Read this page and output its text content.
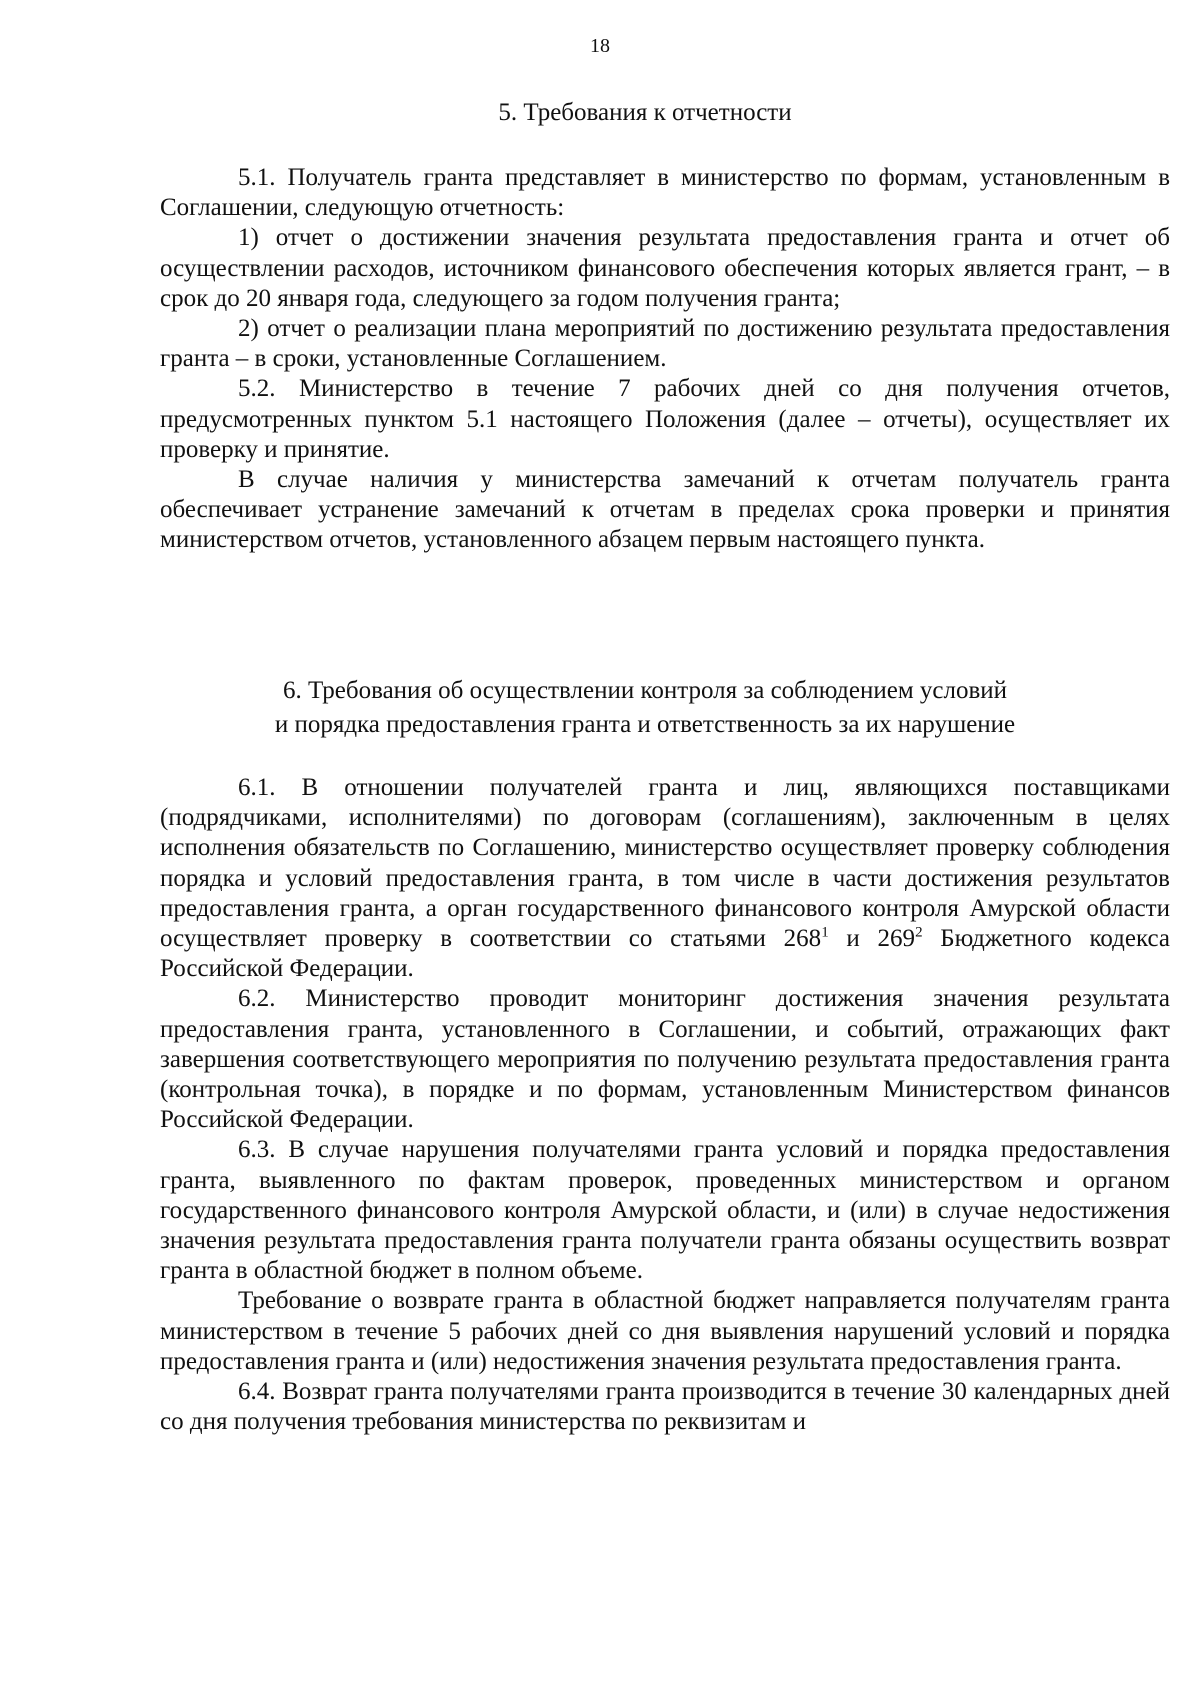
18
5. Требования к отчетности

5.1. Получатель гранта представляет в министерство по формам, установленным в Соглашении, следующую отчетность:

1) отчет о достижении значения результата предоставления гранта и отчет об осуществлении расходов, источником финансового обеспечения которых является грант, – в срок до 20 января года, следующего за годом получения гранта;

2) отчет о реализации плана мероприятий по достижению результата предоставления гранта – в сроки, установленные Соглашением.

5.2. Министерство в течение 7 рабочих дней со дня получения отчетов, предусмотренных пунктом 5.1 настоящего Положения (далее – отчеты), осуществляет их проверку и принятие.

В случае наличия у министерства замечаний к отчетам получатель гранта обеспечивает устранение замечаний к отчетам в пределах срока проверки и принятия министерством отчетов, установленного абзацем первым настоящего пункта.

6. Требования об осуществлении контроля за соблюдением условий
и порядка предоставления гранта и ответственность за их нарушение

6.1. В отношении получателей гранта и лиц, являющихся поставщиками (подрядчиками, исполнителями) по договорам (соглашениям), заключенным в целях исполнения обязательств по Соглашению, министерство осуществляет проверку соблюдения порядка и условий предоставления гранта, в том числе в части достижения результатов предоставления гранта, а орган государственного финансового контроля Амурской области осуществляет проверку в соответствии со статьями $268^1$ и $269^2$ Бюджетного кодекса Российской Федерации.

6.2. Министерство проводит мониторинг достижения значения результата предоставления гранта, установленного в Соглашении, и событий, отражающих факт завершения соответствующего мероприятия по получению результата предоставления гранта (контрольная точка), в порядке и по формам, установленным Министерством финансов Российской Федерации.

6.3. В случае нарушения получателями гранта условий и порядка предоставления гранта, выявленного по фактам проверок, проведенных министерством и органом государственного финансового контроля Амурской области, и (или) в случае недостижения значения результата предоставления гранта получатели гранта обязаны осуществить возврат гранта в областной бюджет в полном объеме.

Требование о возврате гранта в областной бюджет направляется получателям гранта министерством в течение 5 рабочих дней со дня выявления нарушений условий и порядка предоставления гранта и (или) недостижения значения результата предоставления гранта.

6.4. Возврат гранта получателями гранта производится в течение 30 календарных дней со дня получения требования министерства по реквизитам и
